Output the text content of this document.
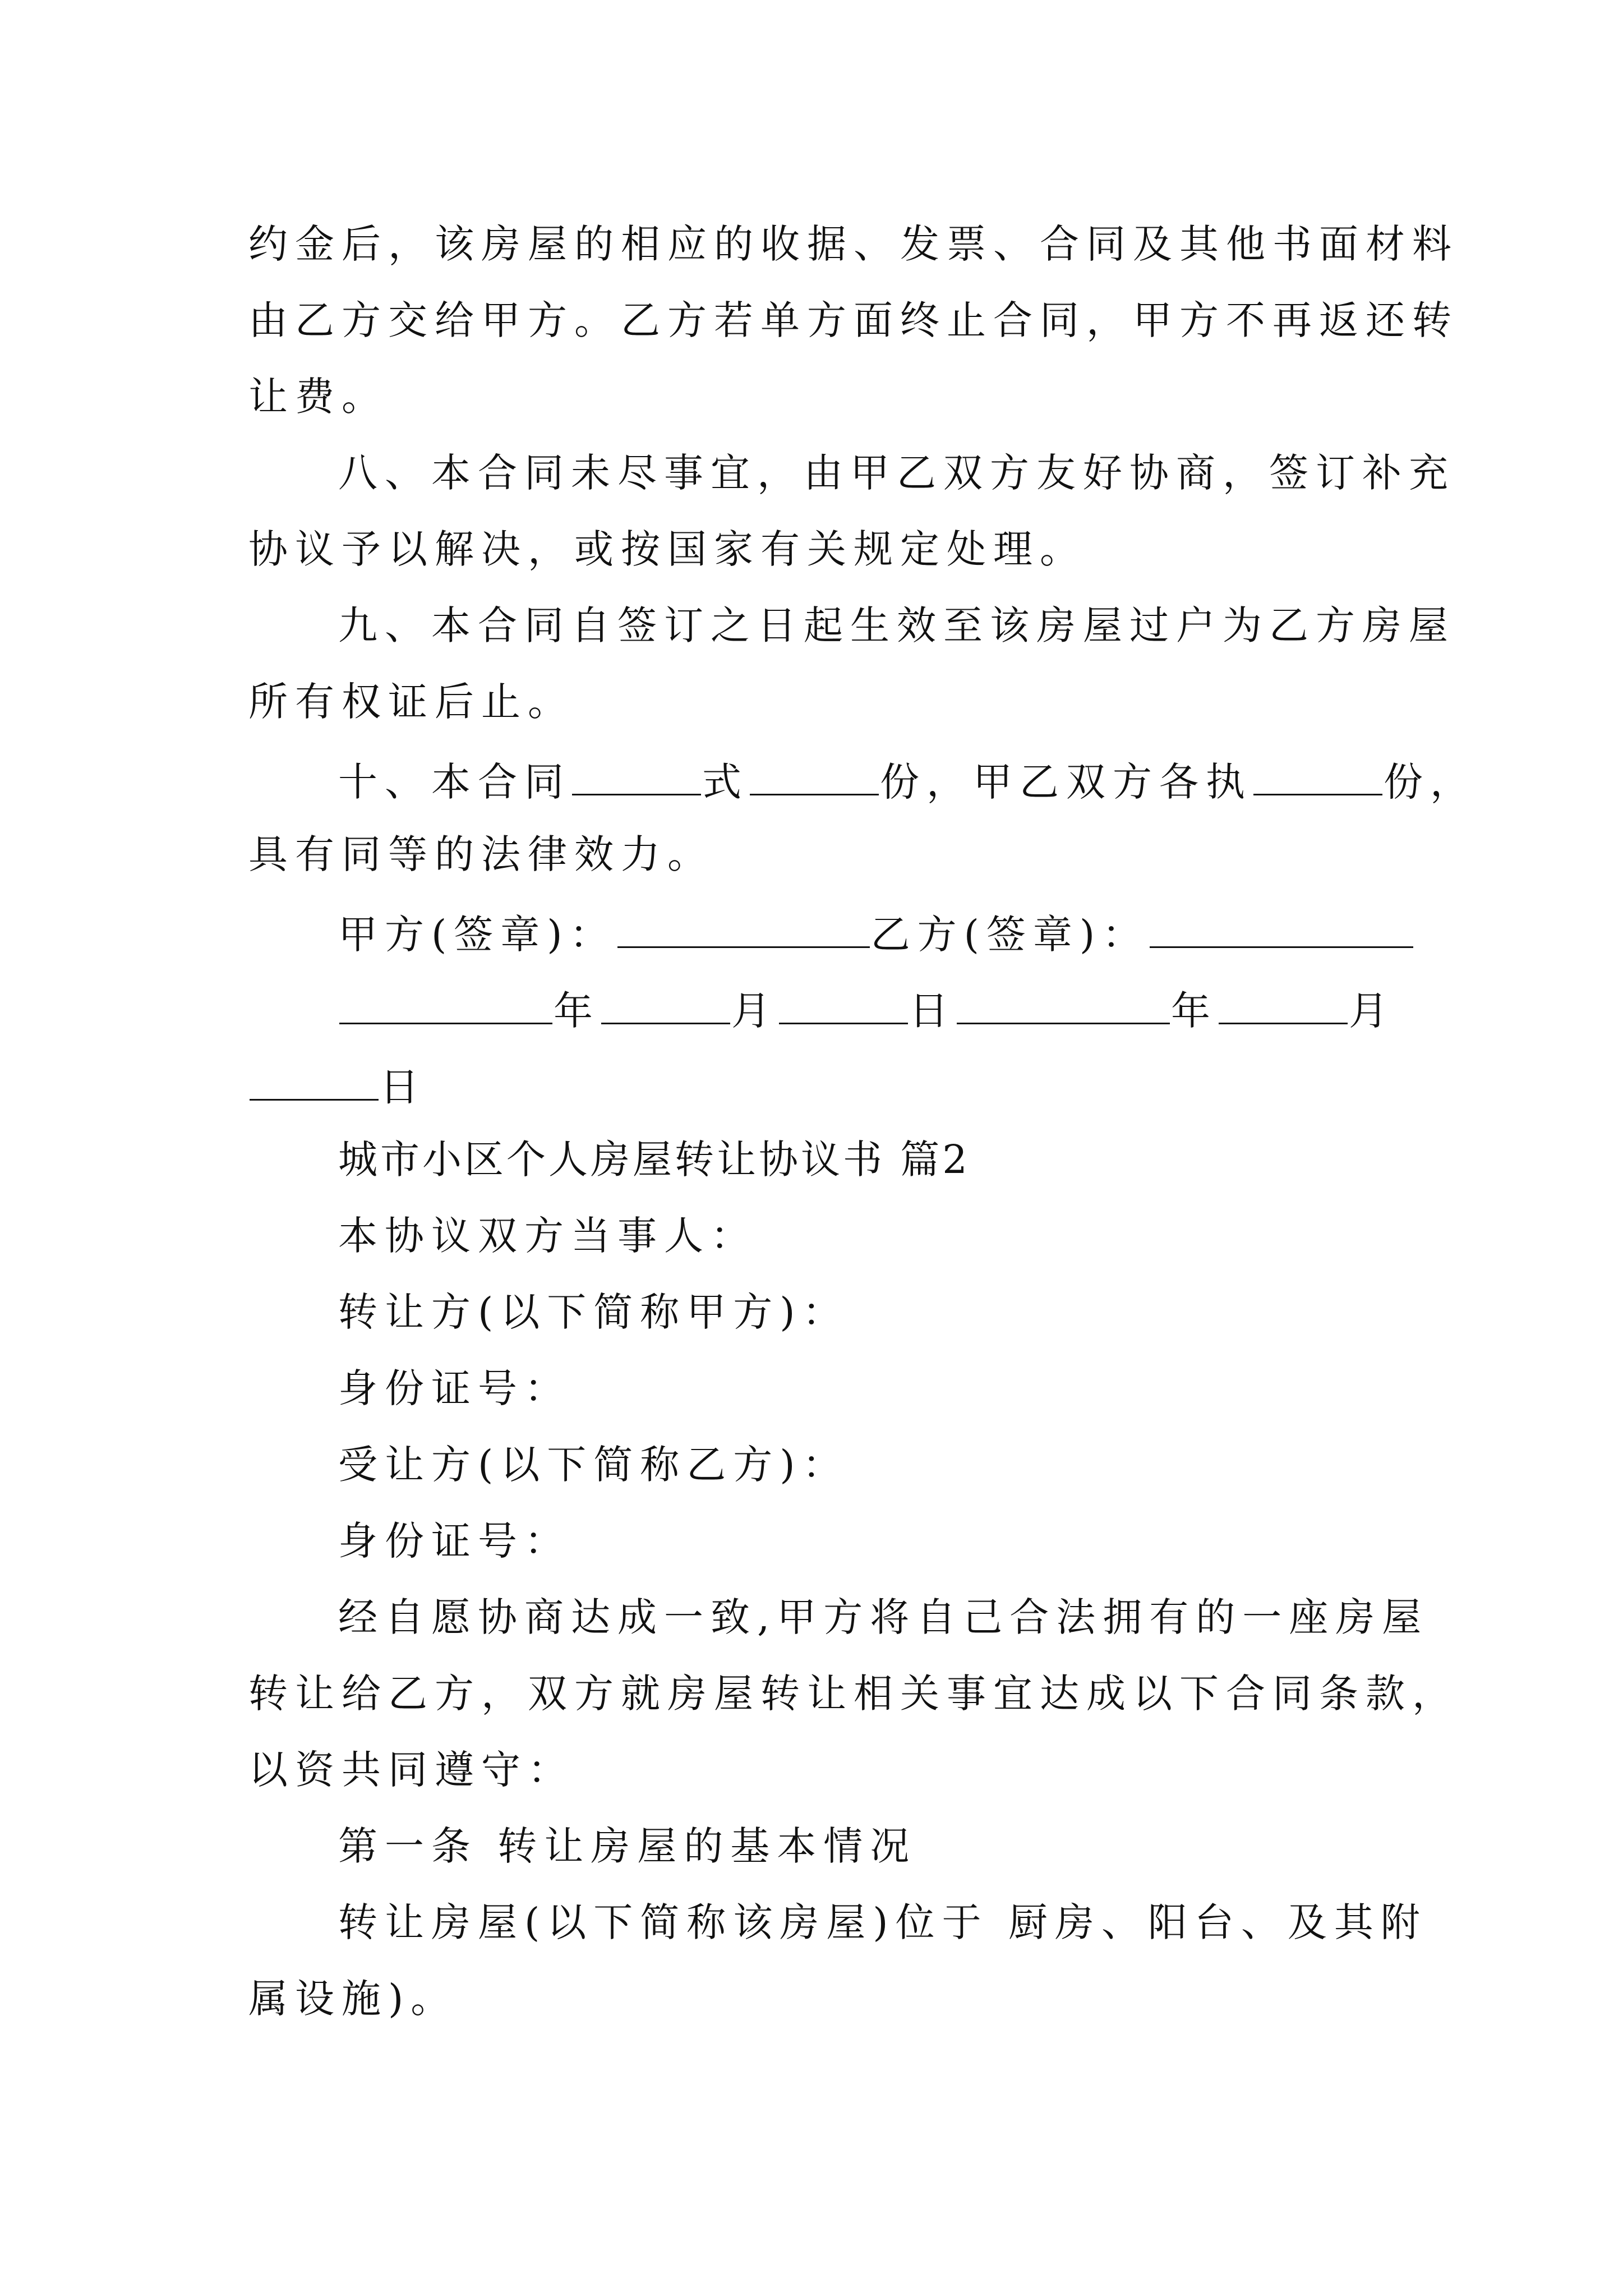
约金后，该房屋的相应的收据、发票、合同及其他书面材料
由乙方交给甲方。乙方若单方面终止合同，甲方不再返还转
让费。
八、本合同未尽事宜，由甲乙双方友好协商，签订补充
协议予以解决，或按国家有关规定处理。
九、本合同自签订之日起生效至该房屋过户为乙方房屋
所有权证后止。
十、本合同	式	份，甲乙双方各执	份，
具有同等的法律效力。
甲方(签章)：	乙方(签章)：
年	月	日	年	月
日
城市小区个人房屋转让协议书 篇2
本协议双方当事人：
转让方(以下简称甲方)：
身份证号：
受让方(以下简称乙方)：
身份证号：
经自愿协商达成一致,甲方将自己合法拥有的一座房屋
转让给乙方，双方就房屋转让相关事宜达成以下合同条款，
以资共同遵守：
第一条 转让房屋的基本情况
转让房屋(以下简称该房屋)位于 厨房、阳台、及其附
属设施)。
